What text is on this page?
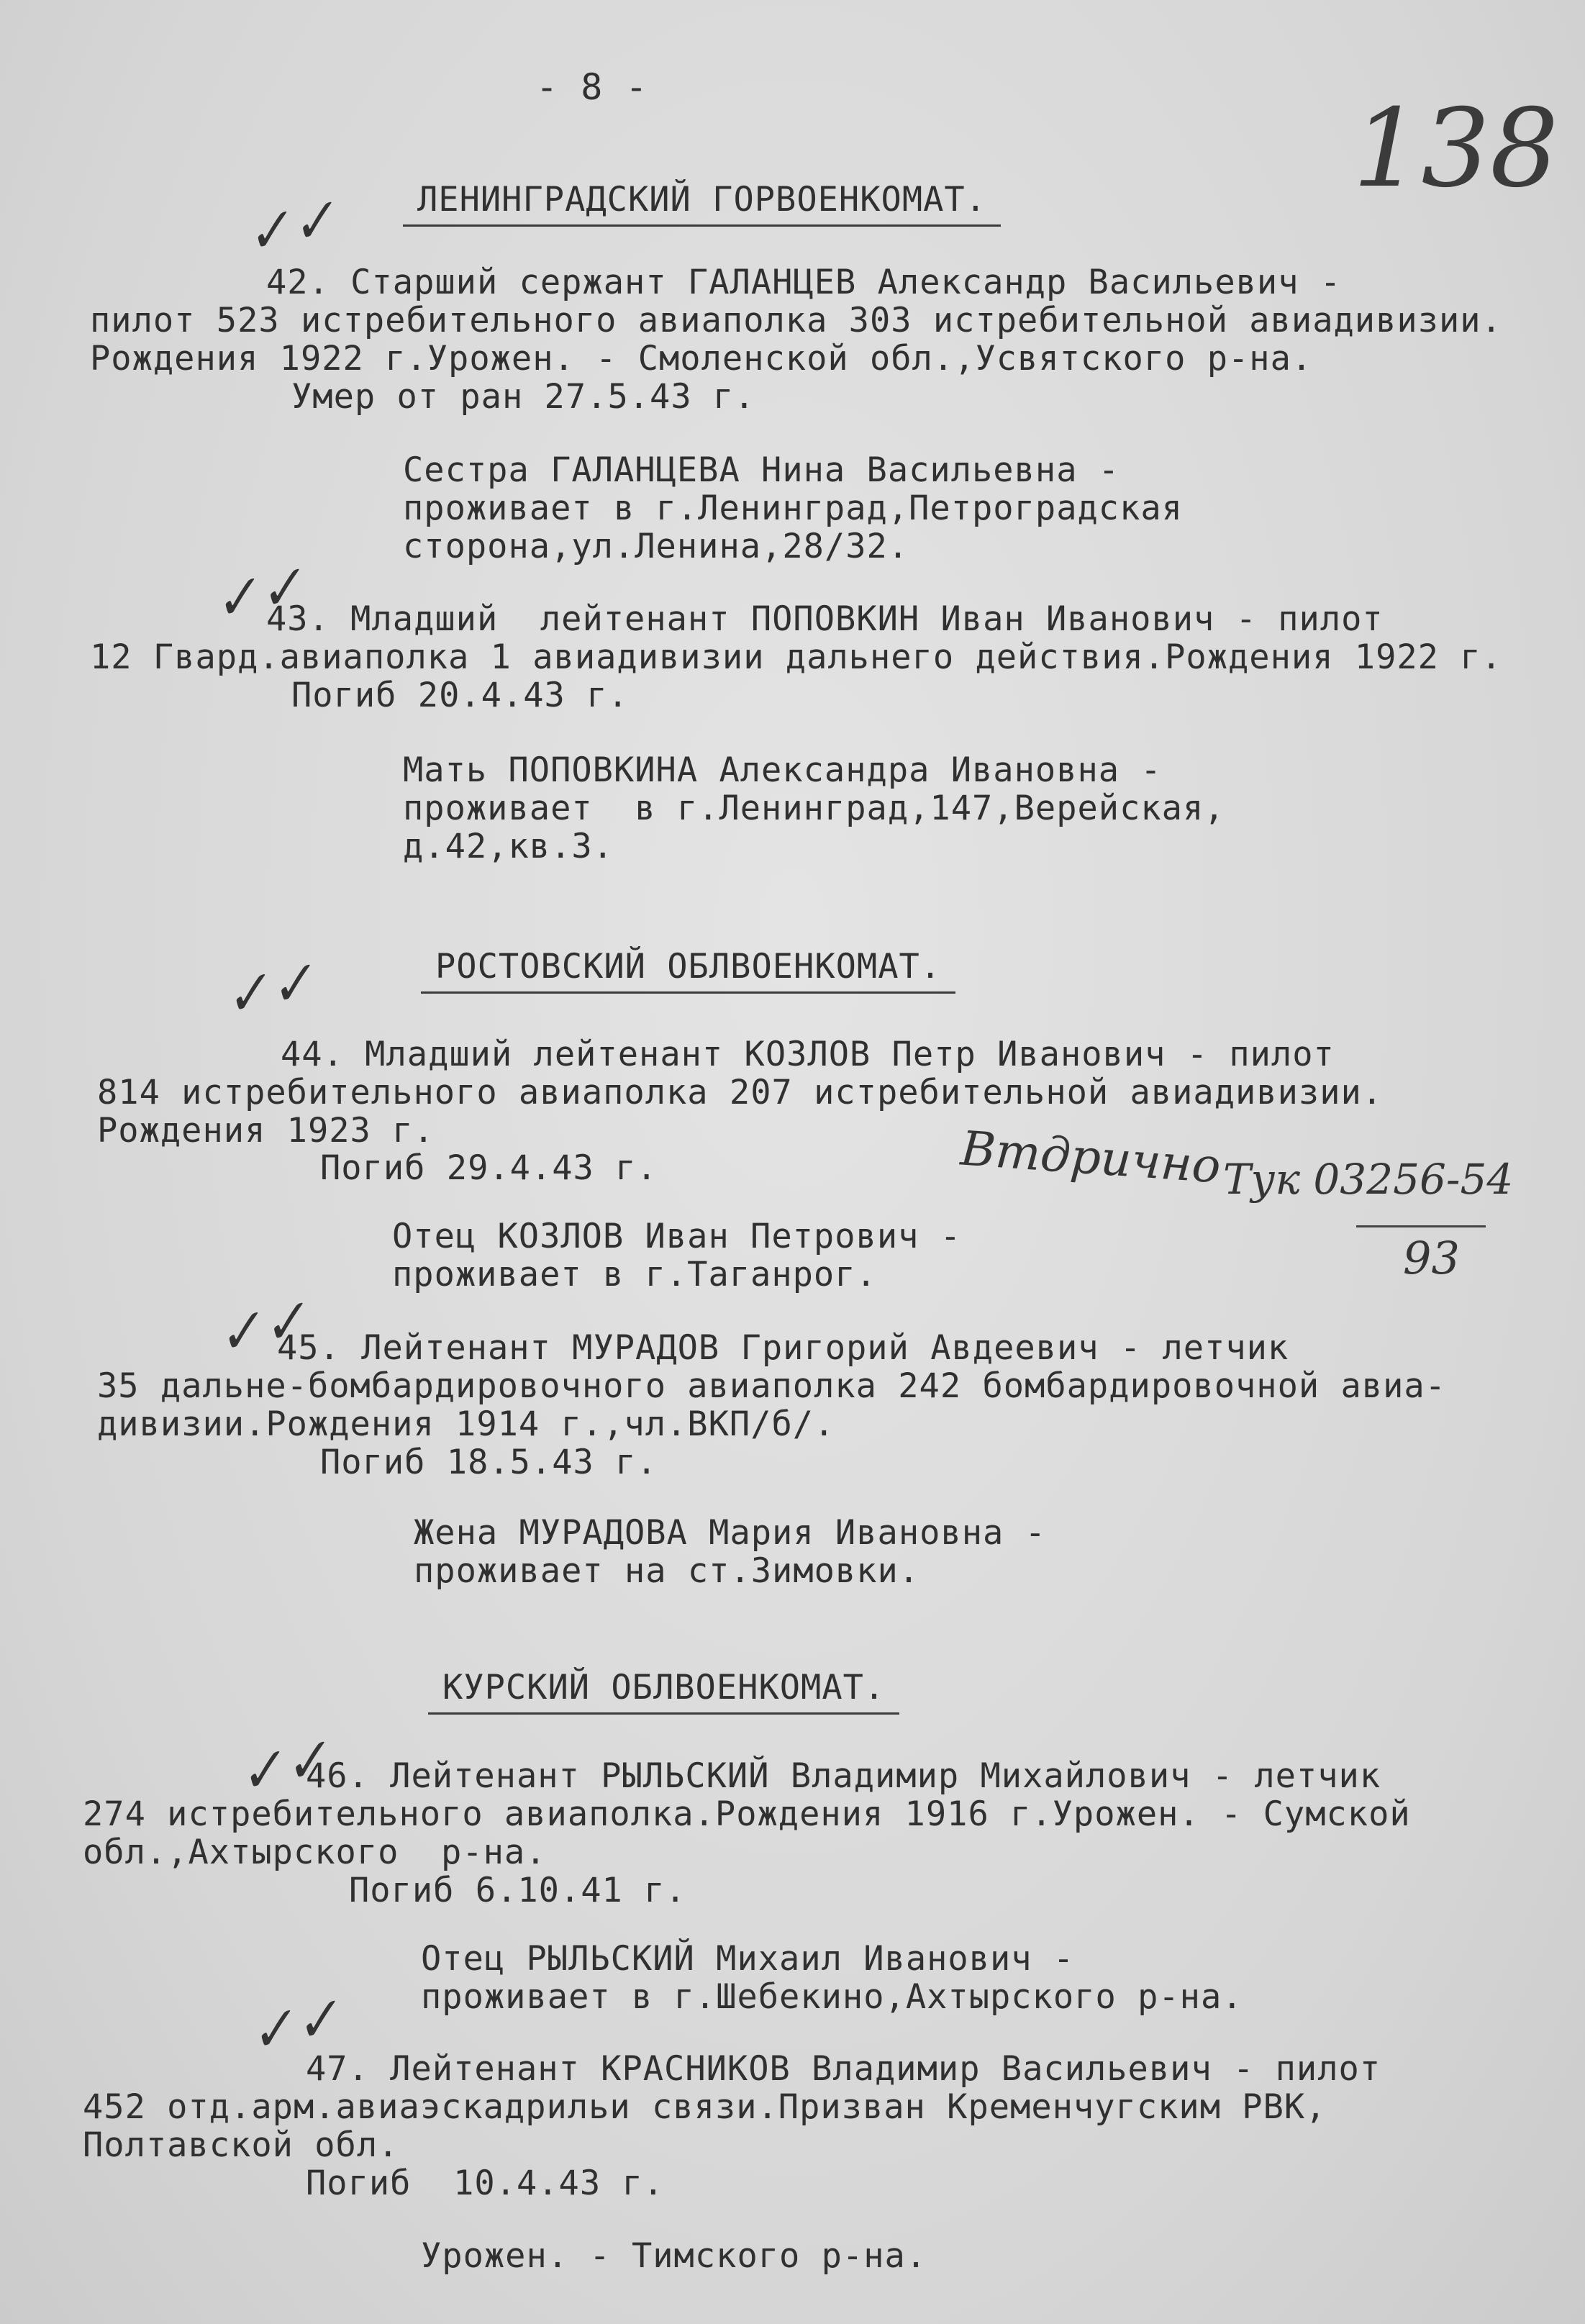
- 8 -	138
ЛЕНИНГРАДСКИЙ ГОРВОЕНКОМАТ.
✓✓
42. Старший сержант ГАЛАНЦЕВ Александр Васильевич -
пилот 523 истребительного авиаполка 303 истребительной авиадивизии.
Рождения 1922 г.Урожен. - Смоленской обл.,Усвятского р-на.
Умер от ран 27.5.43 г.
Сестра ГАЛАНЦЕВА Нина Васильевна -
проживает в г.Ленинград,Петроградская
сторона,ул.Ленина,28/32.
✓✓
43. Младший  лейтенант ПОПОВКИН Иван Иванович - пилот
12 Гвард.авиаполка 1 авиадивизии дальнего действия.Рождения 1922 г.
Погиб 20.4.43 г.
Мать ПОПОВКИНА Александра Ивановна -
проживает  в г.Ленинград,147,Верейская,
д.42,кв.3.
✓✓	РОСТОВСКИЙ ОБЛВОЕНКОМАТ.
44. Младший лейтенант КОЗЛОВ Петр Иванович - пилот
814 истребительного авиаполка 207 истребительной авиадивизии.
Рождения 1923 г.
Погиб 29.4.43 г.	Втдрично Тук 03256-54
93
Отец КОЗЛОВ Иван Петрович -
проживает в г.Таганрог.
✓✓
45. Лейтенант МУРАДОВ Григорий Авдеевич - летчик
35 дальне-бомбардировочного авиаполка 242 бомбардировочной авиа-
дивизии.Рождения 1914 г.,чл.ВКП/б/.
Погиб 18.5.43 г.
Жена МУРАДОВА Мария Ивановна -
проживает на ст.Зимовки.
КУРСКИЙ ОБЛВОЕНКОМАТ.
✓✓
46. Лейтенант РЫЛЬСКИЙ Владимир Михайлович - летчик
274 истребительного авиаполка.Рождения 1916 г.Урожен. - Сумской
обл.,Ахтырского  р-на.
Погиб 6.10.41 г.
Отец РЫЛЬСКИЙ Михаил Иванович -
проживает в г.Шебекино,Ахтырского р-на.
✓✓
47. Лейтенант КРАСНИКОВ Владимир Васильевич - пилот
452 отд.арм.авиаэскадрильи связи.Призван Кременчугским РВК,
Полтавской обл.
Погиб  10.4.43 г.
Урожен. - Тимского р-на.
